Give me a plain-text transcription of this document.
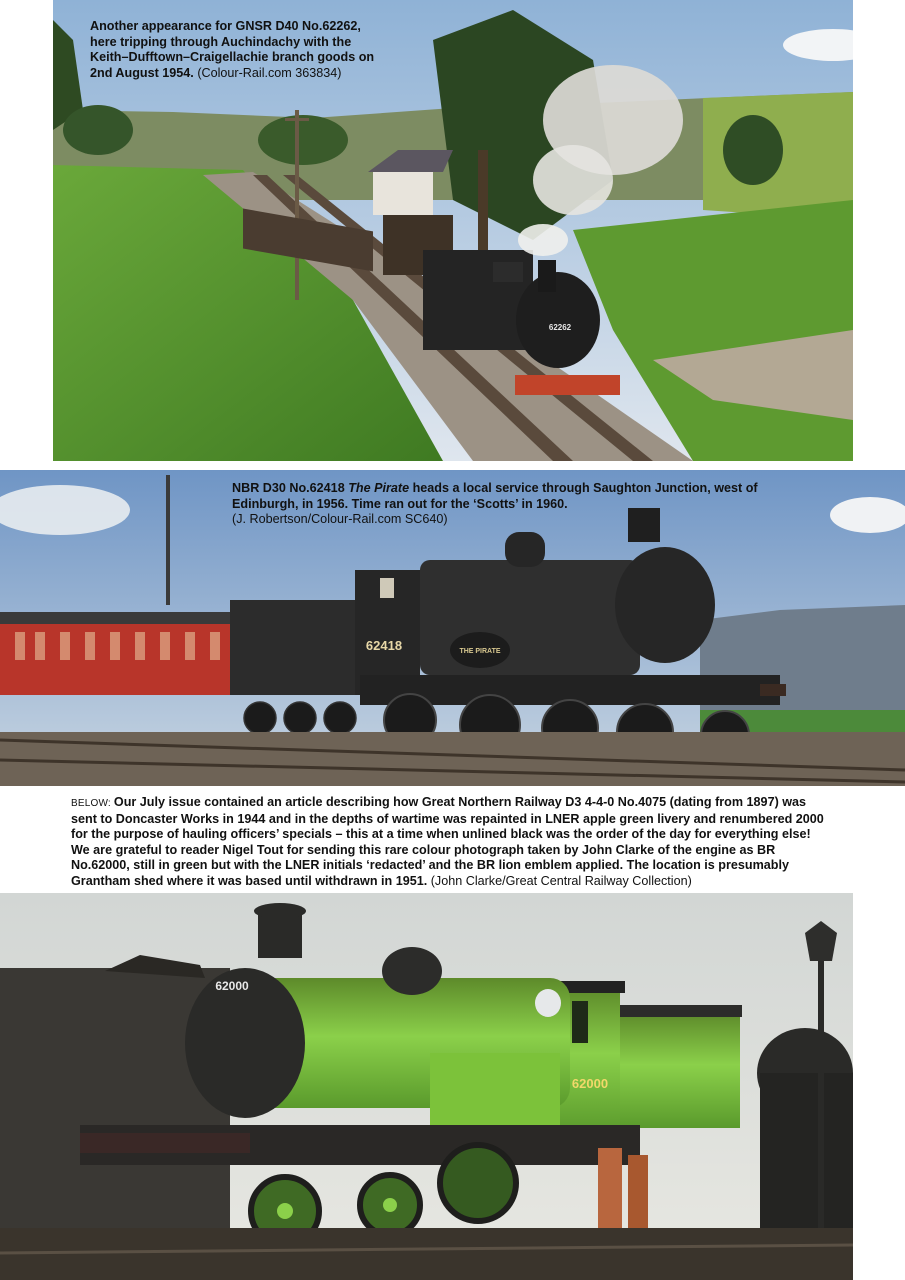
62262
Another appearance for GNSR D40 No.62262, here tripping through Auchindachy with the Keith–Dufftown–Craigellachie branch goods on 2nd August 1954. (Colour-Rail.com 363834)
62418	THE PIRATE
NBR D30 No.62418 The Pirate heads a local service through Saughton Junction, west of Edinburgh, in 1956. Time ran out for the ‘Scotts’ in 1960.
(J. Robertson/Colour-Rail.com SC640)
BELOW: Our July issue contained an article describing how Great Northern Railway D3 4-4-0 No.4075 (dating from 1897) was sent to Doncaster Works in 1944 and in the depths of wartime was repainted in LNER apple green livery and renumbered 2000 for the purpose of hauling officers’ specials – this at a time when unlined black was the order of the day for everything else! We are grateful to reader Nigel Tout for sending this rare colour photograph taken by John Clarke of the engine as BR No.62000, still in green but with the LNER initials ‘redacted’ and the BR lion emblem applied. The location is presumably Grantham shed where it was based until withdrawn in 1951. (John Clarke/Great Central Railway Collection)
62000
62000
